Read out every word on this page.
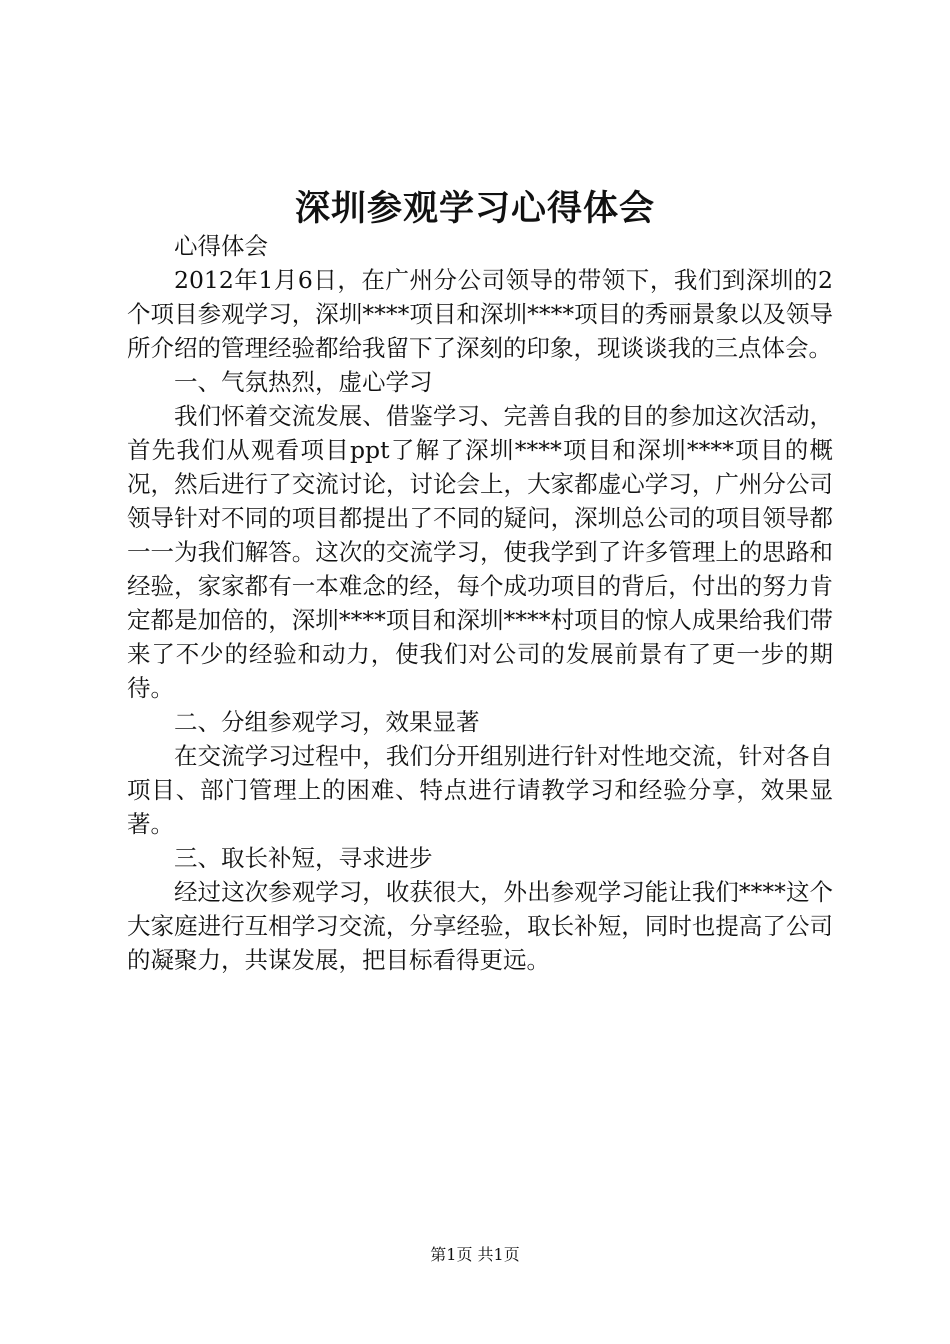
深圳参观学习心得体会

心得体会

2012年1月6日，在广州分公司领导的带领下，我们到深圳的2个项目参观学习，深圳****项目和深圳****项目的秀丽景象以及领导所介绍的管理经验都给我留下了深刻的印象，现谈谈我的三点体会。

一、气氛热烈，虚心学习

我们怀着交流发展、借鉴学习、完善自我的目的参加这次活动，首先我们从观看项目ppt了解了深圳****项目和深圳****项目的概况，然后进行了交流讨论，讨论会上，大家都虚心学习，广州分公司领导针对不同的项目都提出了不同的疑问，深圳总公司的项目领导都一一为我们解答。这次的交流学习，使我学到了许多管理上的思路和经验，家家都有一本难念的经，每个成功项目的背后，付出的努力肯定都是加倍的，深圳****项目和深圳****村项目的惊人成果给我们带来了不少的经验和动力，使我们对公司的发展前景有了更一步的期待。

二、分组参观学习，效果显著

在交流学习过程中，我们分开组别进行针对性地交流，针对各自项目、部门管理上的困难、特点进行请教学习和经验分享，效果显著。

三、取长补短，寻求进步

经过这次参观学习，收获很大，外出参观学习能让我们****这个大家庭进行互相学习交流，分享经验，取长补短，同时也提高了公司的凝聚力，共谋发展，把目标看得更远。

第1页 共1页
